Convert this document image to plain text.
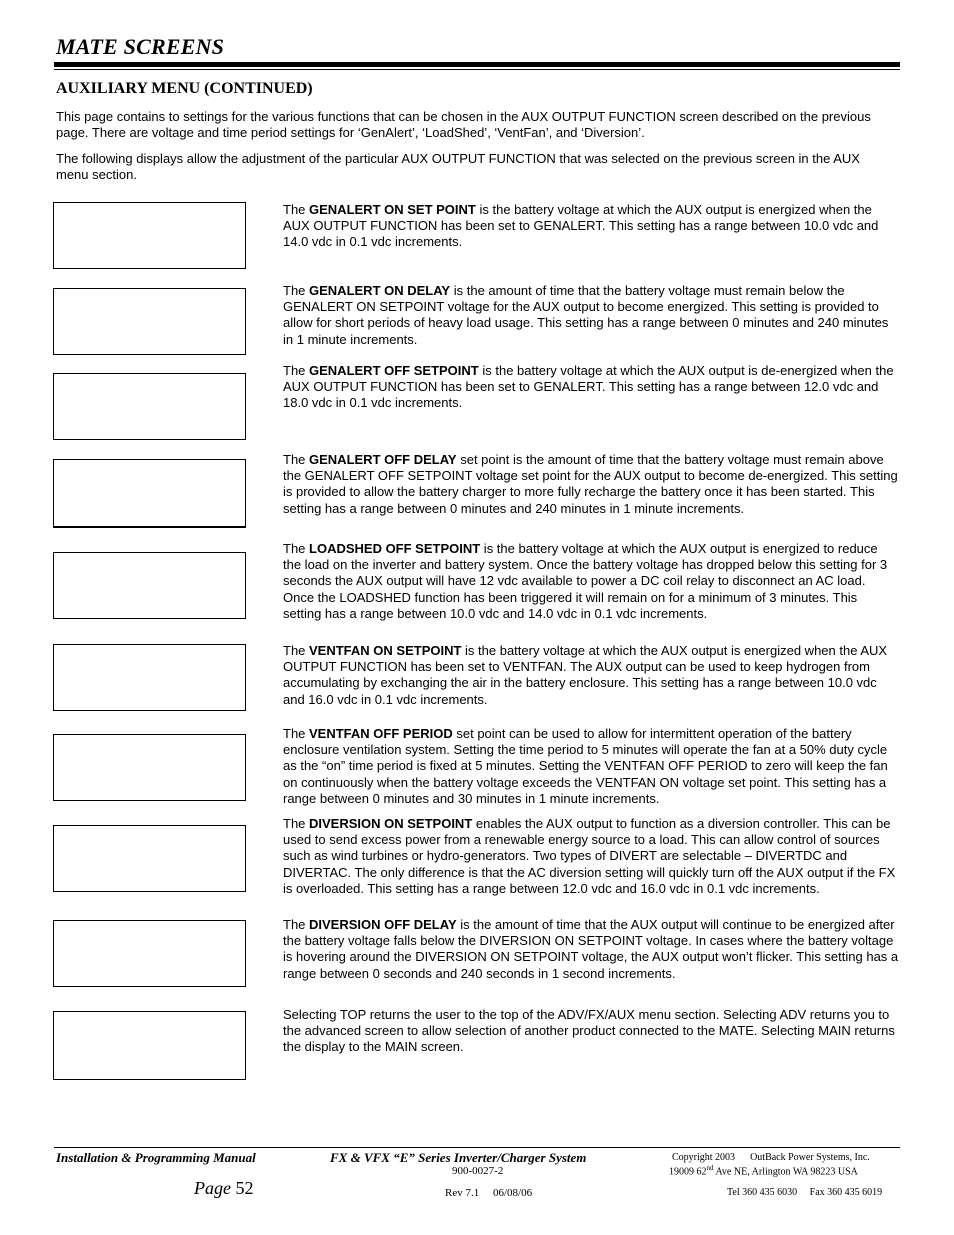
MATE SCREENS
AUXILIARY MENU (CONTINUED)
This page contains to settings for the various functions that can be chosen in the AUX OUTPUT FUNCTION screen described on the previous page. There are voltage and time period settings for ‘GenAlert’, ‘LoadShed’, ‘VentFan’, and ‘Diversion’.
The following displays allow the adjustment of the particular AUX OUTPUT FUNCTION that was selected on the previous screen in the AUX menu section.
The GENALERT ON SET POINT is the battery voltage at which the AUX output is energized when the AUX OUTPUT FUNCTION has been set to GENALERT. This setting has a range between 10.0 vdc and 14.0 vdc in 0.1 vdc increments.
The GENALERT ON DELAY is the amount of time that the battery voltage must remain below the GENALERT ON SETPOINT voltage for the AUX output to become energized. This setting is provided to allow for short periods of heavy load usage. This setting has a range between 0 minutes and 240 minutes in 1 minute increments.
The GENALERT OFF SETPOINT is the battery voltage at which the AUX output is de-energized when the AUX OUTPUT FUNCTION has been set to GENALERT. This setting has a range between 12.0 vdc and 18.0 vdc in 0.1 vdc increments.
The GENALERT OFF DELAY set point is the amount of time that the battery voltage must remain above the GENALERT OFF SETPOINT voltage set point for the AUX output to become de-energized. This setting is provided to allow the battery charger to more fully recharge the battery once it has been started. This setting has a range between 0 minutes and 240 minutes in 1 minute increments.
The LOADSHED OFF SETPOINT is the battery voltage at which the AUX output is energized to reduce the load on the inverter and battery system. Once the battery voltage has dropped below this setting for 3 seconds the AUX output will have 12 vdc available to power a DC coil relay to disconnect an AC load. Once the LOADSHED function has been triggered it will remain on for a minimum of 3 minutes. This setting has a range between 10.0 vdc and 14.0 vdc in 0.1 vdc increments.
The VENTFAN ON SETPOINT is the battery voltage at which the AUX output is energized when the AUX OUTPUT FUNCTION has been set to VENTFAN. The AUX output can be used to keep hydrogen from accumulating by exchanging the air in the battery enclosure. This setting has a range between 10.0 vdc and 16.0 vdc in 0.1 vdc increments.
The VENTFAN OFF PERIOD set point can be used to allow for intermittent operation of the battery enclosure ventilation system. Setting the time period to 5 minutes will operate the fan at a 50% duty cycle as the “on” time period is fixed at 5 minutes. Setting the VENTFAN OFF PERIOD to zero will keep the fan on continuously when the battery voltage exceeds the VENTFAN ON voltage set point. This setting has a range between 0 minutes and 30 minutes in 1 minute increments.
The DIVERSION ON SETPOINT enables the AUX output to function as a diversion controller. This can be used to send excess power from a renewable energy source to a load. This can allow control of sources such as wind turbines or hydro-generators. Two types of DIVERT are selectable – DIVERTDC and DIVERTAC. The only difference is that the AC diversion setting will quickly turn off the AUX output if the FX is overloaded. This setting has a range between 12.0 vdc and 16.0 vdc in 0.1 vdc increments.
The DIVERSION OFF DELAY is the amount of time that the AUX output will continue to be energized after the battery voltage falls below the DIVERSION ON SETPOINT voltage. In cases where the battery voltage is hovering around the DIVERSION ON SETPOINT voltage, the AUX output won’t flicker. This setting has a range between 0 seconds and 240 seconds in 1 second increments.
Selecting TOP returns the user to the top of the ADV/FX/AUX menu section. Selecting ADV returns you to the advanced screen to allow selection of another product connected to the MATE. Selecting MAIN returns the display to the MAIN screen.
Installation & Programming Manual
Page 52
FX & VFX “E” Series Inverter/Charger System
900-0027-2
Rev 7.1 06/08/06
Copyright 2003 OutBack Power Systems, Inc.
19009 62nd Ave NE, Arlington WA 98223 USA
Tel 360 435 6030 Fax 360 435 6019
